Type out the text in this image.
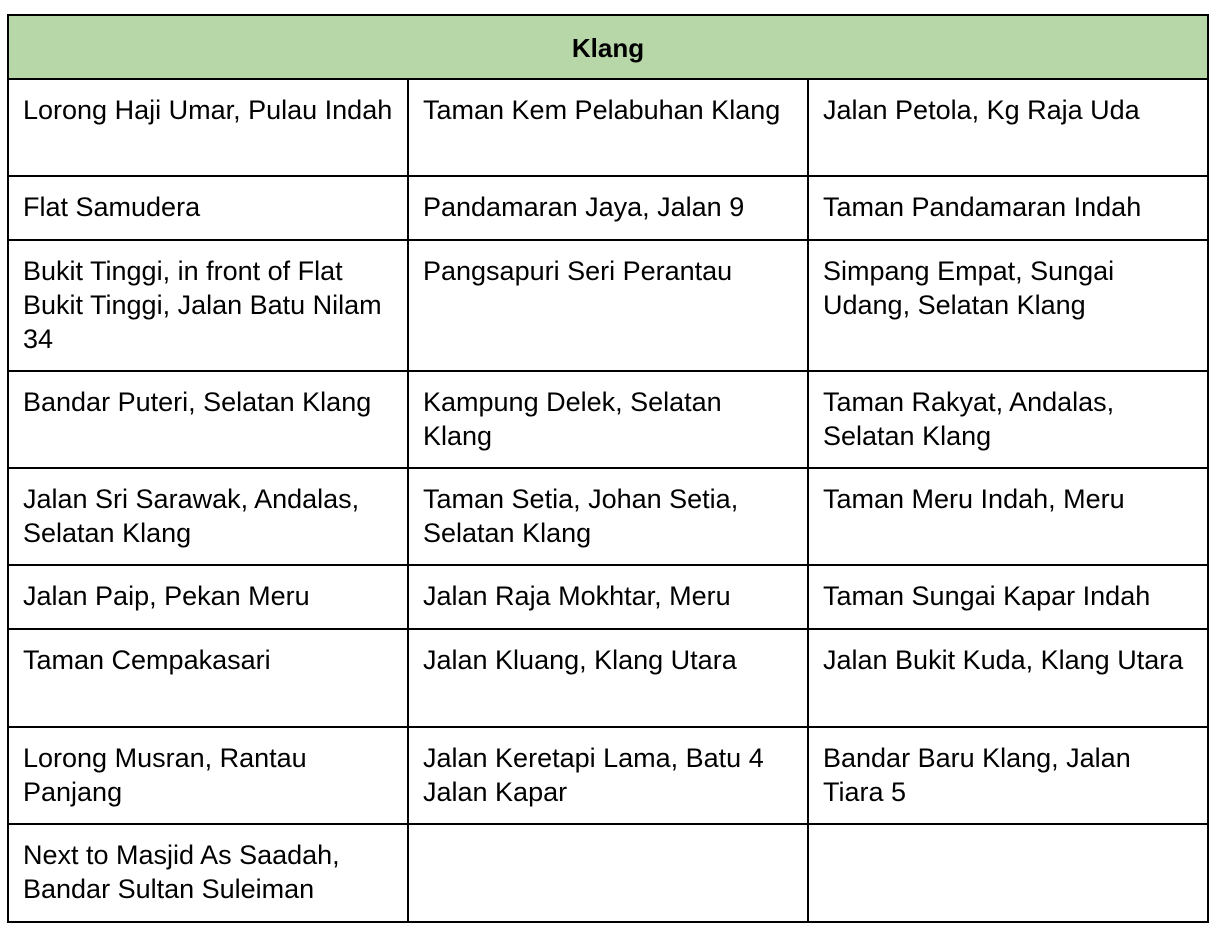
Klang		
Lorong Haji Umar, Pulau Indah	Taman Kem Pelabuhan Klang	Jalan Petola, Kg Raja Uda
Flat Samudera	Pandamaran Jaya, Jalan 9	Taman Pandamaran Indah
Bukit Tinggi, in front of Flat Bukit Tinggi, Jalan Batu Nilam 34	Pangsapuri Seri Perantau	Simpang Empat, Sungai Udang, Selatan Klang
Bandar Puteri, Selatan Klang	Kampung Delek, Selatan Klang	Taman Rakyat, Andalas, Selatan Klang
Jalan Sri Sarawak, Andalas, Selatan Klang	Taman Setia, Johan Setia, Selatan Klang	Taman Meru Indah, Meru
Jalan Paip, Pekan Meru	Jalan Raja Mokhtar, Meru	Taman Sungai Kapar Indah
Taman Cempakasari	Jalan Kluang, Klang Utara	Jalan Bukit Kuda, Klang Utara
Lorong Musran, Rantau Panjang	Jalan Keretapi Lama, Batu 4 Jalan Kapar	Bandar Baru Klang, Jalan Tiara 5
Next to Masjid As Saadah, Bandar Sultan Suleiman		
